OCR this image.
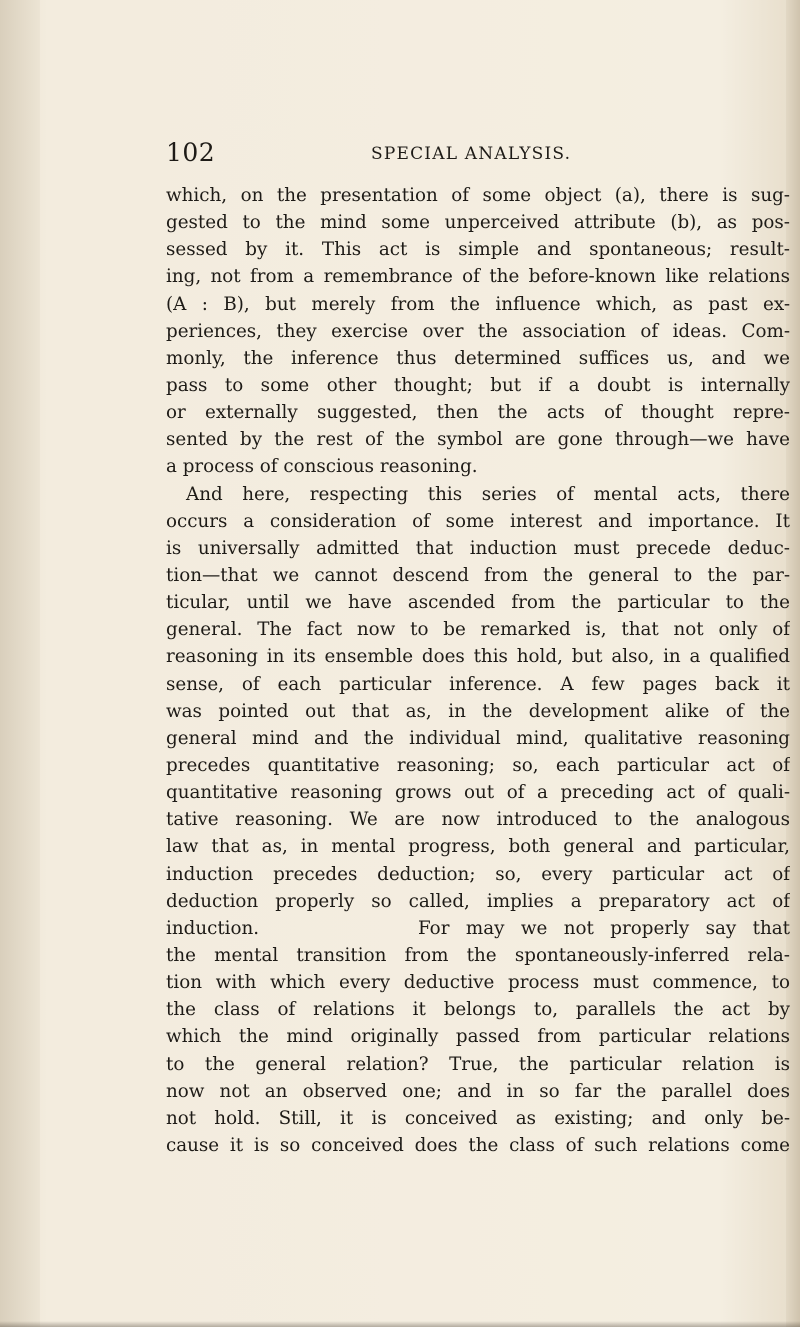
102	SPECIAL ANALYSIS.
which, on the presentation of some object (a), there is sug-
gested to the mind some unperceived attribute (b), as pos-
sessed by it. This act is simple and spontaneous; result-
ing, not from a remembrance of the before-known like relations
(A : B), but merely from the influence which, as past ex-
periences, they exercise over the association of ideas. Com-
monly, the inference thus determined suffices us, and we
pass to some other thought; but if a doubt is internally
or externally suggested, then the acts of thought repre-
sented by the rest of the symbol are gone through—we have
a process of conscious reasoning.
And here, respecting this series of mental acts, there
occurs a consideration of some interest and importance. It
is universally admitted that induction must precede deduc-
tion—that we cannot descend from the general to the par-
ticular, until we have ascended from the particular to the
general. The fact now to be remarked is, that not only of
reasoning in its ensemble does this hold, but also, in a qualified
sense, of each particular inference. A few pages back it
was pointed out that as, in the development alike of the
general mind and the individual mind, qualitative reasoning
precedes quantitative reasoning; so, each particular act of
quantitative reasoning grows out of a preceding act of quali-
tative reasoning. We are now introduced to the analogous
law that as, in mental progress, both general and particular,
induction precedes deduction; so, every particular act of
deduction properly so called, implies a preparatory act of
induction.	For may we not properly say that
the mental transition from the spontaneously-inferred rela-
tion with which every deductive process must commence, to
the class of relations it belongs to, parallels the act by
which the mind originally passed from particular relations
to the general relation? True, the particular relation is
now not an observed one; and in so far the parallel does
not hold. Still, it is conceived as existing; and only be-
cause it is so conceived does the class of such relations come
